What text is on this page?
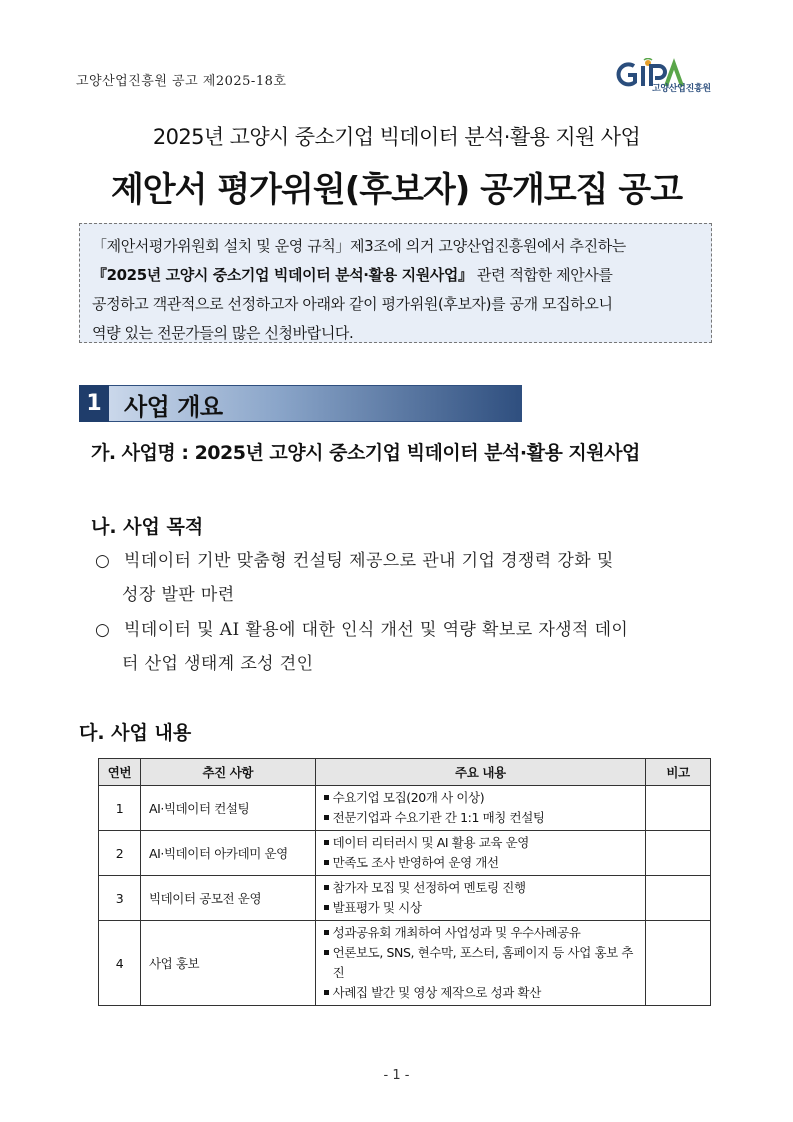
고양산업진흥원 공고 제2025-18호	고양산업진흥원
2025년 고양시 중소기업 빅데이터 분석·활용 지원 사업
제안서 평가위원(후보자) 공개모집 공고
「제안서평가위원회 설치 및 운영 규칙」제3조에 의거 고양산업진흥원에서 추진하는
『2025년 고양시 중소기업 빅데이터 분석·활용 지원사업』 관련 적합한 제안사를
공정하고 객관적으로 선정하고자 아래와 같이 평가위원(후보자)를 공개 모집하오니
역량 있는 전문가들의 많은 신청바랍니다.
1 사업 개요
가. 사업명 : 2025년 고양시 중소기업 빅데이터 분석·활용 지원사업
나. 사업 목적
○ 빅데이터 기반 맞춤형 컨설팅 제공으로 관내 기업 경쟁력 강화 및
성장 발판 마련
○ 빅데이터 및 AI 활용에 대한 인식 개선 및 역량 확보로 자생적 데이
터 산업 생태계 조성 견인
다. 사업 내용
연번	추진 사항	주요 내용	비고
1	AI·빅데이터 컨설팅	수요기업 모집(20개 사 이상)
전문기업과 수요기관 간 1:1 매칭 컨설팅	

2	AI·빅데이터 아카데미 운영	데이터 리터러시 및 AI 활용 교육 운영
만족도 조사 반영하여 운영 개선	

3	빅데이터 공모전 운영	참가자 모집 및 선정하여 멘토링 진행
발표평가 및 시상	

4	사업 홍보	성과공유회 개최하여 사업성과 및 우수사례공유
언론보도, SNS, 현수막, 포스터, 홈페이지 등 사업 홍보 추진
사례집 발간 및 영상 제작으로 성과 확산	

- 1 -
